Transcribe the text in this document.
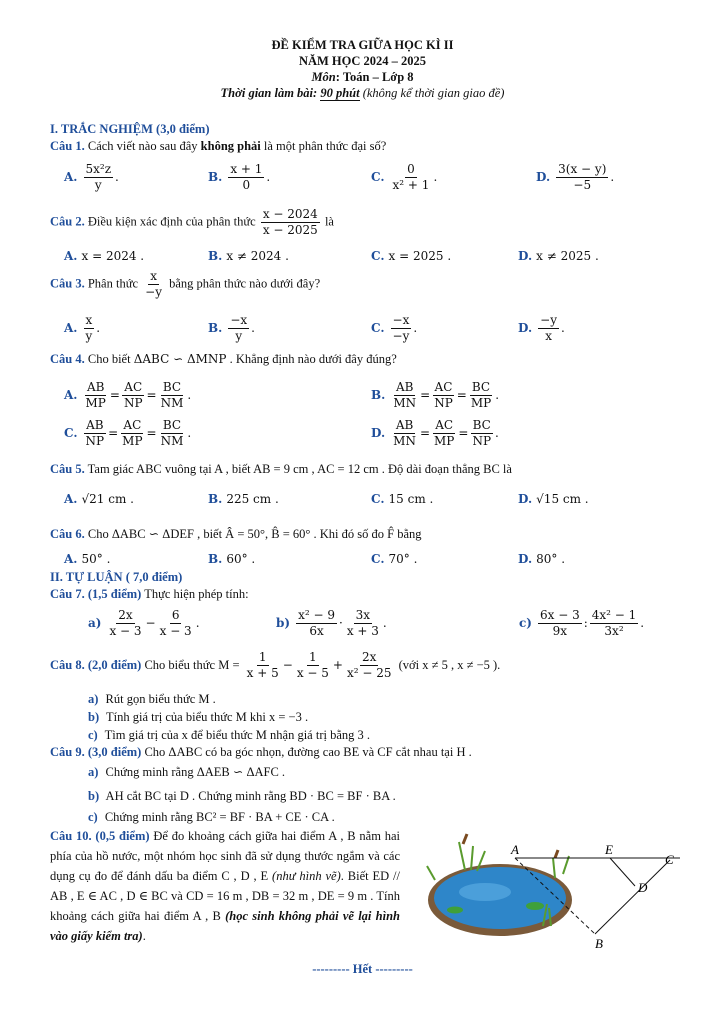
ĐỀ KIỂM TRA GIỮA HỌC KÌ II
NĂM HỌC 2024 – 2025
Môn: Toán – Lớp 8
Thời gian làm bài: 90 phút (không kể thời gian giao đề)
I. TRẮC NGHIỆM (3,0 điểm)
Câu 1. Cách viết nào sau đây không phải là một phân thức đại số?
A. $\frac{\text{5x²z}}{y}$ .	B. $\frac{x + 1}{0}$ .	C. $\frac{0}{\text{x² + 1}}$ .	D. $\frac{3(x - y)}{-5}$ .
Câu 2. Điều kiện xác định của phân thức $\frac{x - 2024}{x - 2025}$ là
A. x = 2024 .	B. x ≠ 2024 .	C. x = 2025 .	D. x ≠ 2025 .
Câu 3. Phân thức $\frac{x}{-y}$ bằng phân thức nào dưới đây?
A. $\frac{x}{y}$ .	B. $\frac{-x}{y}$ .	C. $\frac{-x}{-y}$ .	D. $\frac{-y}{x}$ .
Câu 4. Cho biết ΔABC ∽ ΔMNP . Khẳng định nào dưới đây đúng?
A. $\frac{AB}{MP} = \frac{AC}{NP} = \frac{BC}{NM}$ .	B. $\frac{AB}{MN} = \frac{AC}{NP} = \frac{BC}{MP}$ .
C. $\frac{AB}{NP} = \frac{AC}{MP} = \frac{BC}{NM}$ .	D. $\frac{AB}{MN} = \frac{AC}{MP} = \frac{BC}{NP}$ .
Câu 5. Tam giác ABC vuông tại A , biết AB = 9 cm , AC = 12 cm . Độ dài đoạn thẳng BC là
A. √21 cm .	B. 225 cm .	C. 15 cm .	D. √15 cm .
Câu 6. Cho ΔABC ∽ ΔDEF , biết Â = 50°, B̂ = 60° . Khi đó số đo F̂ bằng
A. 50° .	B. 60° .	C. 70° .	D. 80° .
II. TỰ LUẬN ( 7,0 điểm)
Câu 7. (1,5 điểm) Thực hiện phép tính:
$a) \frac{2x}{x - 3} - \frac{6}{x - 3}$ .	$b) \frac{\text{x² − 9}}{6x} \cdot \frac{3x}{x + 3}$ .	$c) \frac{6x - 3}{9x}$ : $\frac{\text{4x² − 1}}{\text{3x²}}$ .
Câu 8. (2,0 điểm) Cho biểu thức $M = \frac{1}{x + 5} - \frac{1}{x - 5} + \frac{2x}{\text{x² − 25}}$ (với x ≠ 5 , x ≠ −5 ).
a) Rút gọn biểu thức M .
b) Tính giá trị của biểu thức M khi x = −3 .
c) Tìm giá trị của x để biểu thức M nhận giá trị bằng 3 .
Câu 9. (3,0 điểm) Cho ΔABC có ba góc nhọn, đường cao BE và CF cắt nhau tại H .
a) Chứng minh rằng ΔAEB ∽ ΔAFC .
b) AH cắt BC tại D . Chứng minh rằng BD · BC = BF · BA .
c) Chứng minh rằng BC² = BF · BA + CE · CA .
Câu 10. (0,5 điểm) Để đo khoảng cách giữa hai điểm A , B nằm hai phía của hồ nước, một nhóm học sinh đã sử dụng thước ngắm và các dụng cụ đo để đánh dấu ba điểm C , D , E (như hình vẽ). Biết ED // AB , E ∈ AC , D ∈ BC và CD = 16 m , DB = 32 m , DE = 9 m . Tính khoảng cách giữa hai điểm A , B (học sinh không phải vẽ lại hình vào giấy kiểm tra).
A	E
C
D
B
--------- Hết ---------
